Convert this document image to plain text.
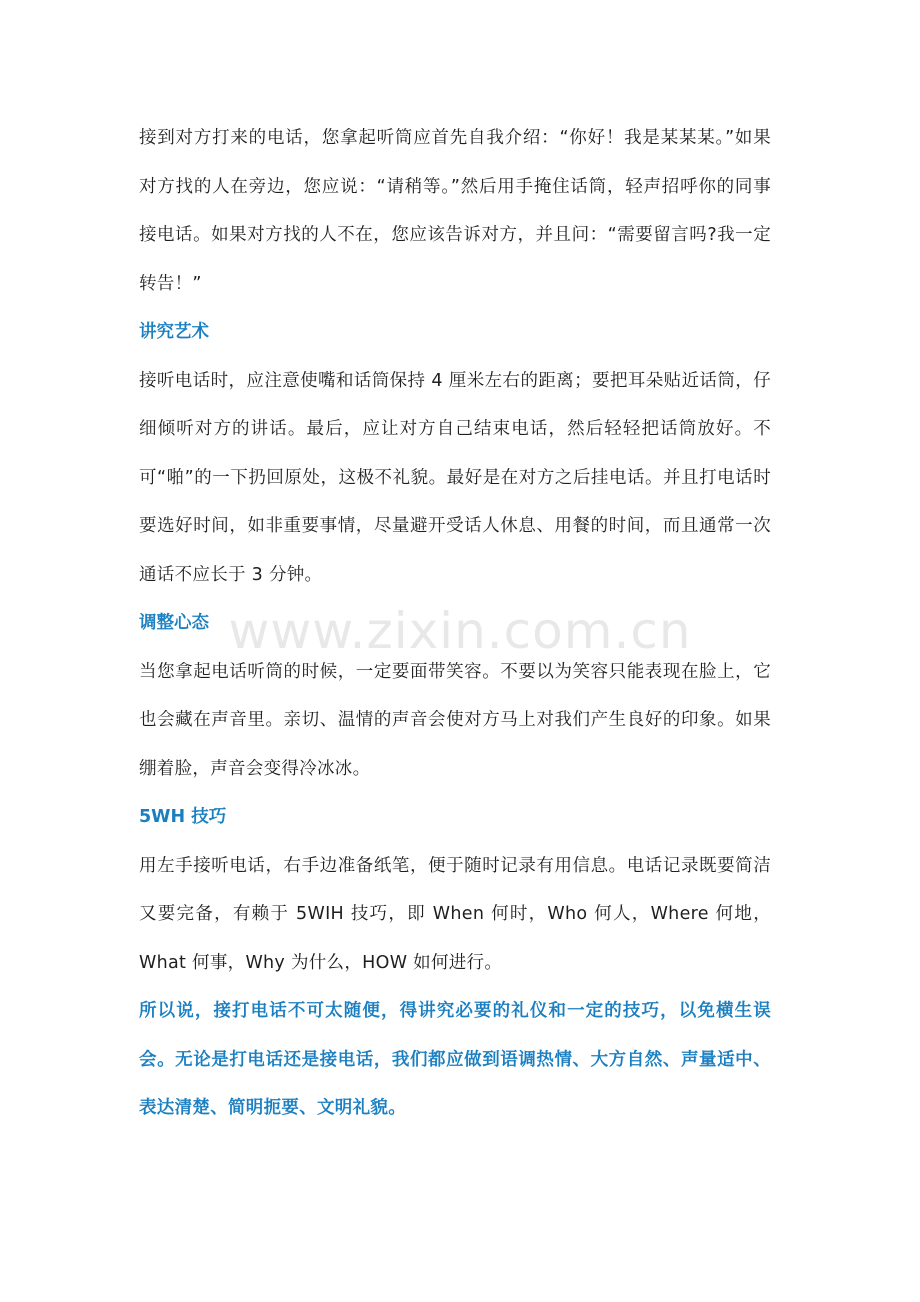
接到对方打来的电话，您拿起听筒应首先自我介绍：“你好！我是某某某。”如果对方找的人在旁边，您应说：“请稍等。”然后用手掩住话筒，轻声招呼你的同事接电话。如果对方找的人不在，您应该告诉对方，并且问：“需要留言吗?我一定转告！”

讲究艺术

接听电话时，应注意使嘴和话筒保持 4 厘米左右的距离；要把耳朵贴近话筒，仔细倾听对方的讲话。最后，应让对方自己结束电话，然后轻轻把话筒放好。不可“啪”的一下扔回原处，这极不礼貌。最好是在对方之后挂电话。并且打电话时要选好时间，如非重要事情，尽量避开受话人休息、用餐的时间，而且通常一次通话不应长于 3 分钟。

调整心态

当您拿起电话听筒的时候，一定要面带笑容。不要以为笑容只能表现在脸上，它也会藏在声音里。亲切、温情的声音会使对方马上对我们产生良好的印象。如果绷着脸，声音会变得冷冰冰。

5WH 技巧

用左手接听电话，右手边准备纸笔，便于随时记录有用信息。电话记录既要简洁又要完备，有赖于 5WIH 技巧，即 When 何时，Who 何人，Where 何地，What 何事，Why 为什么，HOW 如何进行。

所以说，接打电话不可太随便，得讲究必要的礼仪和一定的技巧，以免横生误会。无论是打电话还是接电话，我们都应做到语调热情、大方自然、声量适中、表达清楚、简明扼要、文明礼貌。

www.zixin.com.cn
